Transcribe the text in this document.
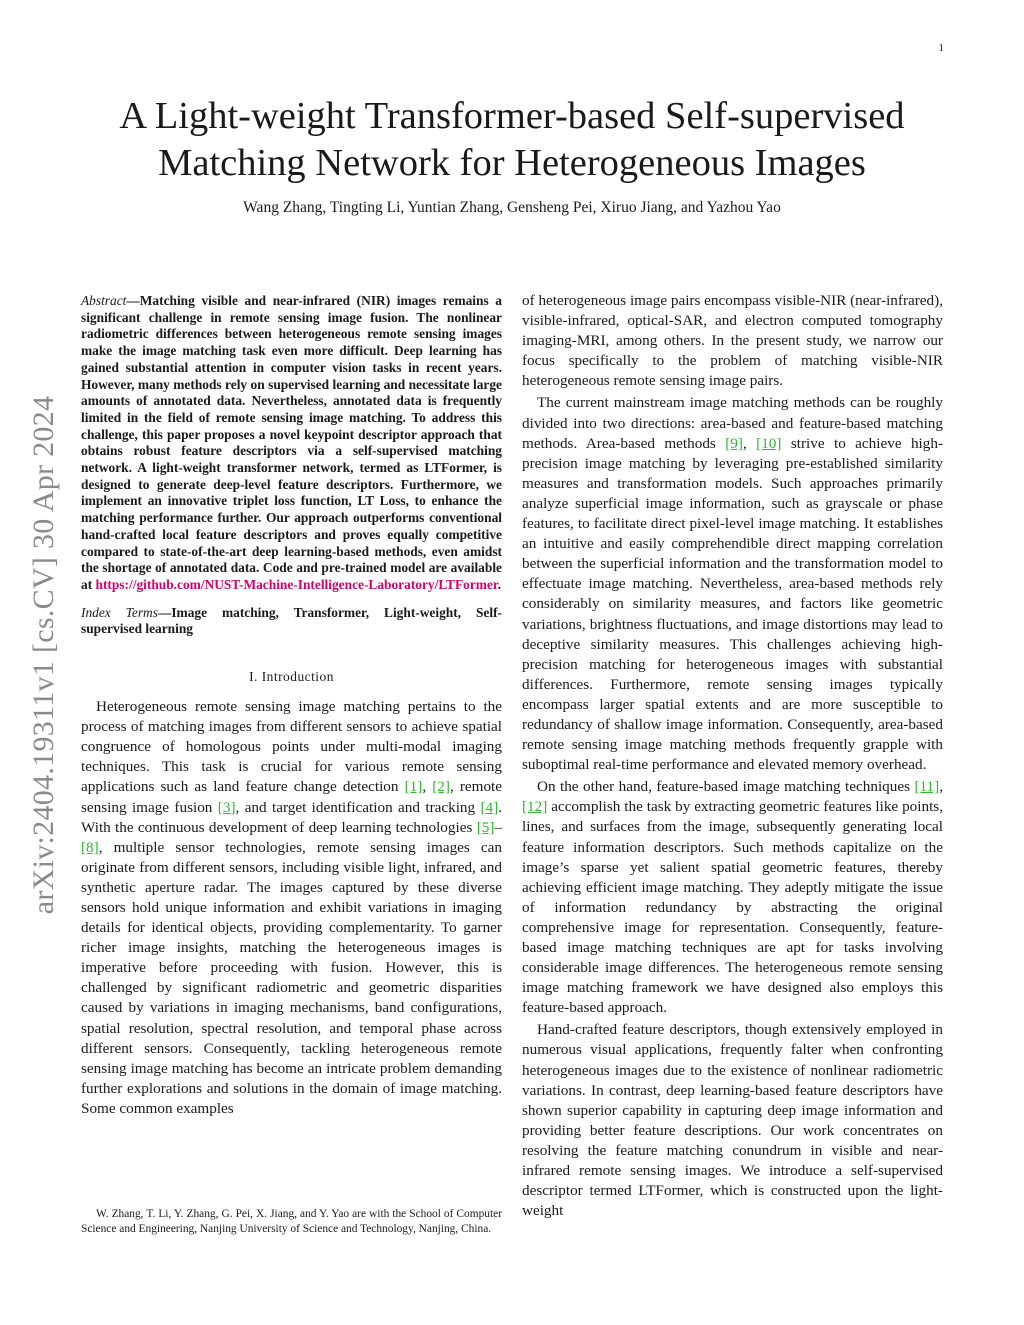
1
arXiv:2404.19311v1 [cs.CV] 30 Apr 2024
A Light-weight Transformer-based Self-supervised
Matching Network for Heterogeneous Images
Wang Zhang, Tingting Li, Yuntian Zhang, Gensheng Pei, Xiruo Jiang, and Yazhou Yao

Abstract—Matching visible and near-infrared (NIR) images remains a significant challenge in remote sensing image fusion. The nonlinear radiometric differences between heterogeneous remote sensing images make the image matching task even more difficult. Deep learning has gained substantial attention in computer vision tasks in recent years. However, many methods rely on supervised learning and necessitate large amounts of annotated data. Nevertheless, annotated data is frequently limited in the field of remote sensing image matching. To address this challenge, this paper proposes a novel keypoint descriptor approach that obtains robust feature descriptors via a self-supervised matching network. A light-weight transformer network, termed as LTFormer, is designed to generate deep-level feature descriptors. Furthermore, we implement an innovative triplet loss function, LT Loss, to enhance the matching performance further. Our approach outperforms conventional hand-crafted local feature descriptors and proves equally competitive compared to state-of-the-art deep learning-based methods, even amidst the shortage of annotated data. Code and pre-trained model are available at https://github.com/NUST-Machine-Intelligence-Laboratory/LTFormer.

Index Terms—Image matching, Transformer, Light-weight, Self-supervised learning

I. Introduction

Heterogeneous remote sensing image matching pertains to the process of matching images from different sensors to achieve spatial congruence of homologous points under multi-modal imaging techniques. This task is crucial for various remote sensing applications such as land feature change detection [1], [2], remote sensing image fusion [3], and target identification and tracking [4]. With the continuous development of deep learning technologies [5]–[8], multiple sensor technologies, remote sensing images can originate from different sensors, including visible light, infrared, and synthetic aperture radar. The images captured by these diverse sensors hold unique information and exhibit variations in imaging details for identical objects, providing complementarity. To garner richer image insights, matching the heterogeneous images is imperative before proceeding with fusion. However, this is challenged by significant radiometric and geometric disparities caused by variations in imaging mechanisms, band configurations, spatial resolution, spectral resolution, and temporal phase across different sensors. Consequently, tackling heterogeneous remote sensing image matching has become an intricate problem demanding further explorations and solutions in the domain of image matching. Some common examples

W. Zhang, T. Li, Y. Zhang, G. Pei, X. Jiang, and Y. Yao are with the School of Computer Science and Engineering, Nanjing University of Science and Technology, Nanjing, China.

of heterogeneous image pairs encompass visible-NIR (near-infrared), visible-infrared, optical-SAR, and electron computed tomography imaging-MRI, among others. In the present study, we narrow our focus specifically to the problem of matching visible-NIR heterogeneous remote sensing image pairs.

The current mainstream image matching methods can be roughly divided into two directions: area-based and feature-based matching methods. Area-based methods [9], [10] strive to achieve high-precision image matching by leveraging pre-established similarity measures and transformation models. Such approaches primarily analyze superficial image information, such as grayscale or phase features, to facilitate direct pixel-level image matching. It establishes an intuitive and easily comprehendible direct mapping correlation between the superficial information and the transformation model to effectuate image matching. Nevertheless, area-based methods rely considerably on similarity measures, and factors like geometric variations, brightness fluctuations, and image distortions may lead to deceptive similarity measures. This challenges achieving high-precision matching for heterogeneous images with substantial differences. Furthermore, remote sensing images typically encompass larger spatial extents and are more susceptible to redundancy of shallow image information. Consequently, area-based remote sensing image matching methods frequently grapple with suboptimal real-time performance and elevated memory overhead.

On the other hand, feature-based image matching techniques [11], [12] accomplish the task by extracting geometric features like points, lines, and surfaces from the image, subsequently generating local feature information descriptors. Such methods capitalize on the image’s sparse yet salient spatial geometric features, thereby achieving efficient image matching. They adeptly mitigate the issue of information redundancy by abstracting the original comprehensive image for representation. Consequently, feature-based image matching techniques are apt for tasks involving considerable image differences. The heterogeneous remote sensing image matching framework we have designed also employs this feature-based approach.

Hand-crafted feature descriptors, though extensively employed in numerous visual applications, frequently falter when confronting heterogeneous images due to the existence of nonlinear radiometric variations. In contrast, deep learning-based feature descriptors have shown superior capability in capturing deep image information and providing better feature descriptions. Our work concentrates on resolving the feature matching conundrum in visible and near-infrared remote sensing images. We introduce a self-supervised descriptor termed LTFormer, which is constructed upon the light-weight
